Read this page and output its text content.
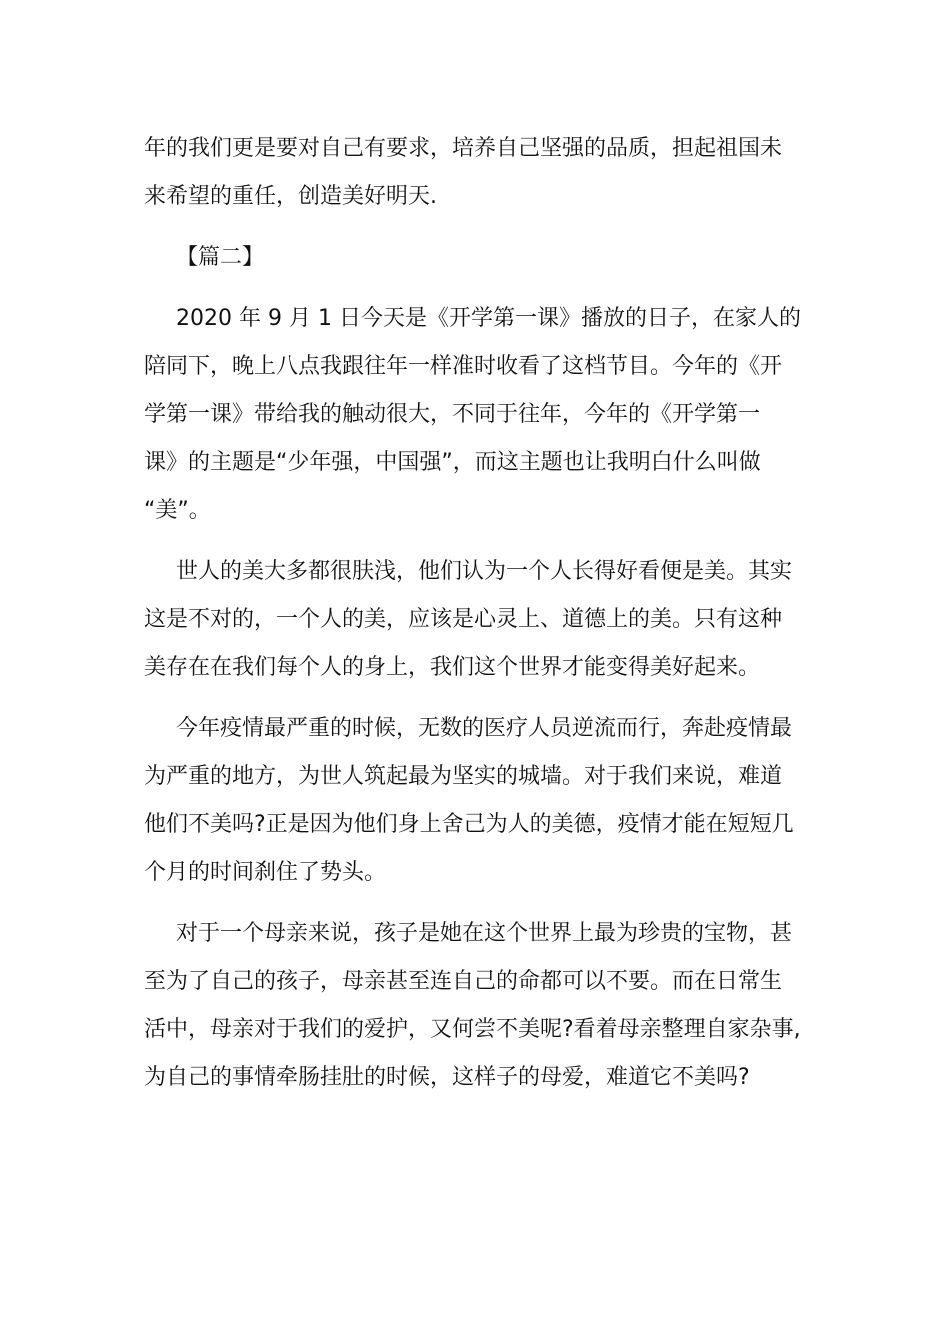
年的我们更是要对自己有要求，培养自己坚强的品质，担起祖国未
来希望的重任，创造美好明天.
【篇二】
2020 年 9 月 1 日今天是《开学第一课》播放的日子，在家人的
陪同下，晚上八点我跟往年一样准时收看了这档节目。今年的《开
学第一课》带给我的触动很大，不同于往年，今年的《开学第一
课》的主题是“少年强，中国强”，而这主题也让我明白什么叫做
“美”。
世人的美大多都很肤浅，他们认为一个人长得好看便是美。其实
这是不对的，一个人的美，应该是心灵上、道德上的美。只有这种
美存在在我们每个人的身上，我们这个世界才能变得美好起来。
今年疫情最严重的时候，无数的医疗人员逆流而行，奔赴疫情最
为严重的地方，为世人筑起最为坚实的城墙。对于我们来说，难道
他们不美吗?正是因为他们身上舍己为人的美德，疫情才能在短短几
个月的时间刹住了势头。
对于一个母亲来说，孩子是她在这个世界上最为珍贵的宝物，甚
至为了自己的孩子，母亲甚至连自己的命都可以不要。而在日常生
活中，母亲对于我们的爱护，又何尝不美呢?看着母亲整理自家杂事,
为自己的事情牵肠挂肚的时候，这样子的母爱，难道它不美吗?
